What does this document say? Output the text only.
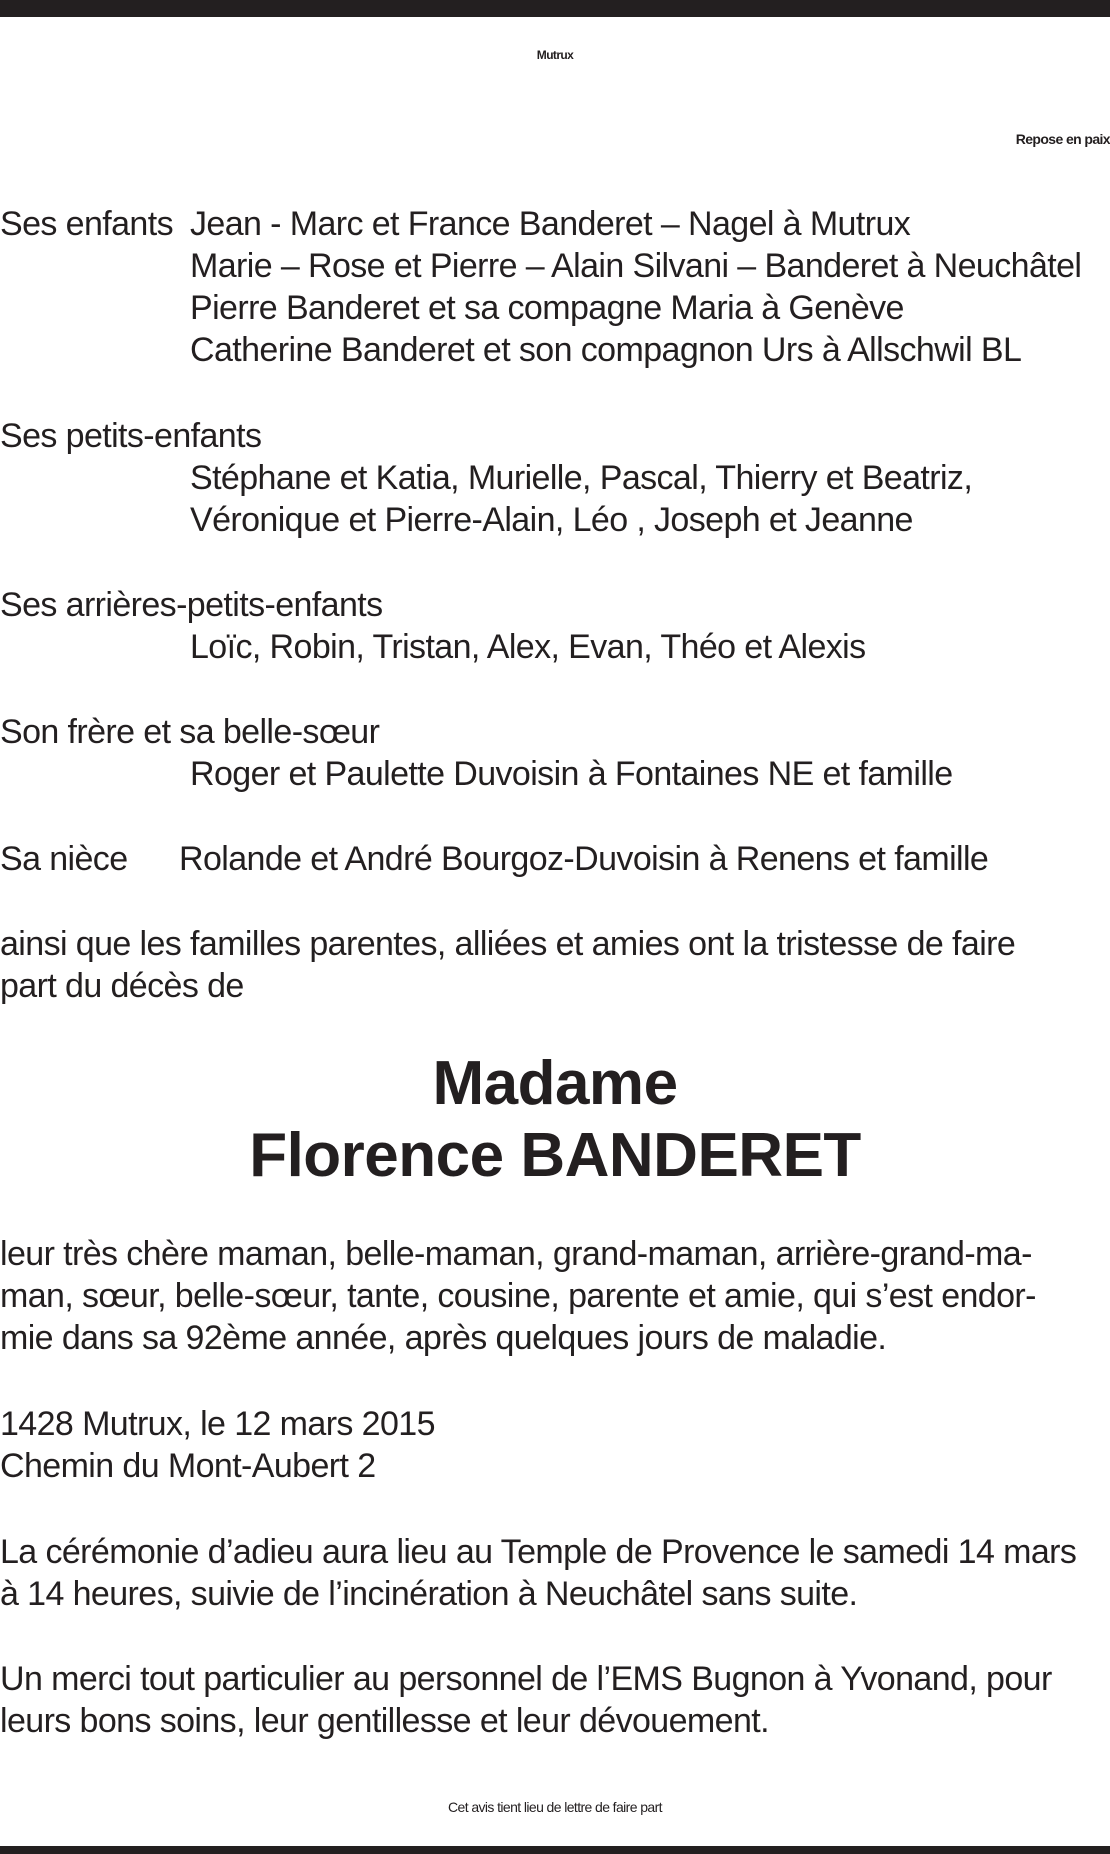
Mutrux
Repose en paix
Ses enfants Jean - Marc et France Banderet – Nagel à Mutrux
Marie – Rose et Pierre – Alain Silvani – Banderet à Neuchâtel
Pierre Banderet et sa compagne Maria à Genève
Catherine Banderet et son compagnon Urs à Allschwil BL
Ses petits-enfants
Stéphane et Katia, Murielle, Pascal, Thierry et Beatriz,
Véronique et Pierre-Alain, Léo , Joseph et Jeanne
Ses arrières-petits-enfants
Loïc, Robin, Tristan, Alex, Evan, Théo et Alexis
Son frère et sa belle-sœur
Roger et Paulette Duvoisin à Fontaines NE et famille
Sa nièce Rolande et André Bourgoz-Duvoisin à Renens et famille
ainsi que les familles parentes, alliées et amies ont la tristesse de faire
part du décès de
Madame
Florence BANDERET
leur très chère maman, belle-maman, grand-maman, arrière-grand-ma-
man, sœur, belle-sœur, tante, cousine, parente et amie, qui s’est endor-
mie dans sa 92ème année, après quelques jours de maladie.
1428 Mutrux, le 12 mars 2015
Chemin du Mont-Aubert 2
La cérémonie d’adieu aura lieu au Temple de Provence le samedi 14 mars
à 14 heures, suivie de l’incinération à Neuchâtel sans suite.
Un merci tout particulier au personnel de l’EMS Bugnon à Yvonand, pour
leurs bons soins, leur gentillesse et leur dévouement.
Cet avis tient lieu de lettre de faire part
